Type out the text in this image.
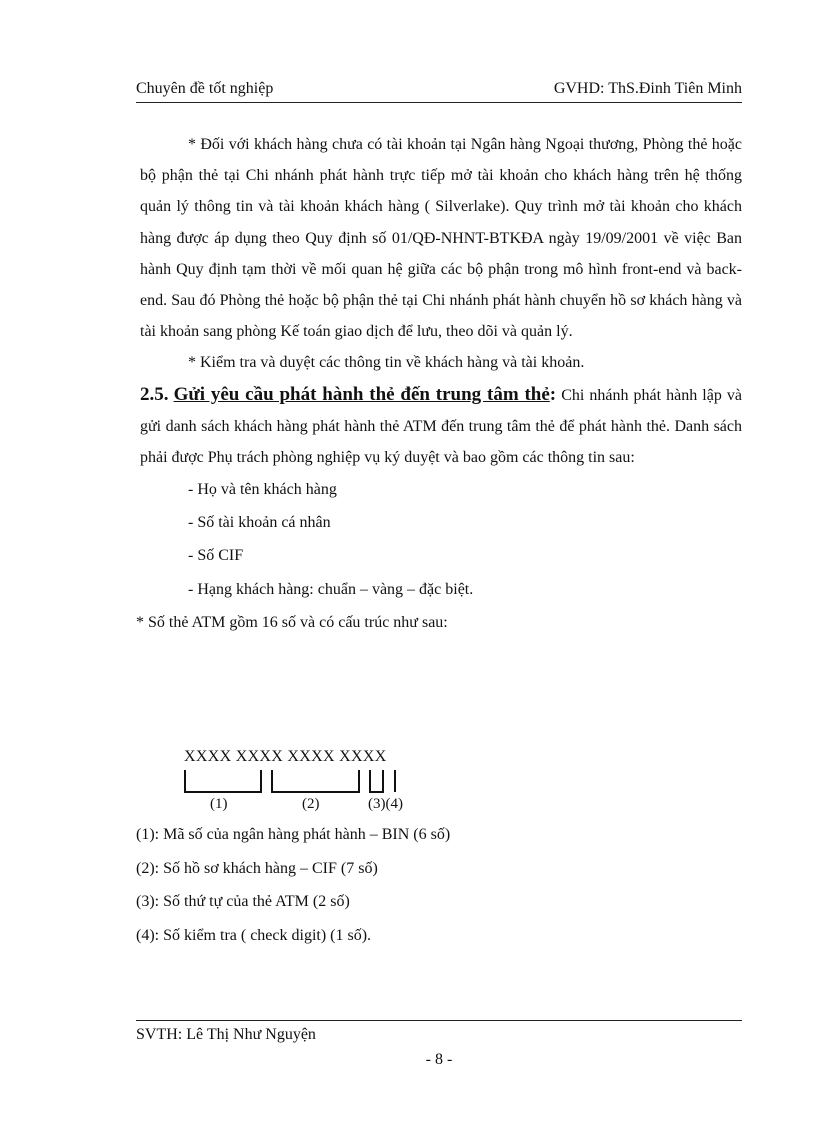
Chuyên đề tốt nghiệp	GVHD: ThS.Đinh Tiên Minh

* Đối với khách hàng chưa có tài khoản tại Ngân hàng Ngoại thương, Phòng thẻ hoặc bộ phận thẻ tại Chi nhánh phát hành trực tiếp mở tài khoản cho khách hàng trên hệ thống quản lý thông tin và tài khoản khách hàng ( Silverlake). Quy trình mở tài khoản cho khách hàng được áp dụng theo Quy định số 01/QĐ-NHNT-BTKĐA ngày 19/09/2001 về việc Ban hành Quy định tạm thời về mối quan hệ giữa các bộ phận trong mô hình front-end và back-end. Sau đó Phòng thẻ hoặc bộ phận thẻ tại Chi nhánh phát hành chuyển hồ sơ khách hàng và tài khoản sang phòng Kế toán giao dịch để lưu, theo dõi và quản lý.

* Kiểm tra và duyệt các thông tin về khách hàng và tài khoản.

2.5. Gửi yêu cầu phát hành thẻ đến trung tâm thẻ: Chi nhánh phát hành lập và gửi danh sách khách hàng phát hành thẻ ATM đến trung tâm thẻ để phát hành thẻ. Danh sách phải được Phụ trách phòng nghiệp vụ ký duyệt và bao gồm các thông tin sau:

- Họ và tên khách hàng

- Số tài khoản cá nhân

- Số CIF

- Hạng khách hàng: chuẩn – vàng – đặc biệt.

* Số thẻ ATM gồm 16 số và có cấu trúc như sau:

XXXX XXXX XXXX XXXX
(1)	(2)	(3)(4)

(1): Mã số của ngân hàng phát hành – BIN (6 số)

(2): Số hồ sơ khách hàng – CIF (7 số)

(3): Số thứ tự của thẻ ATM (2 số)

(4): Số kiểm tra ( check digit) (1 số).

SVTH: Lê Thị Như Nguyện
- 8 -
